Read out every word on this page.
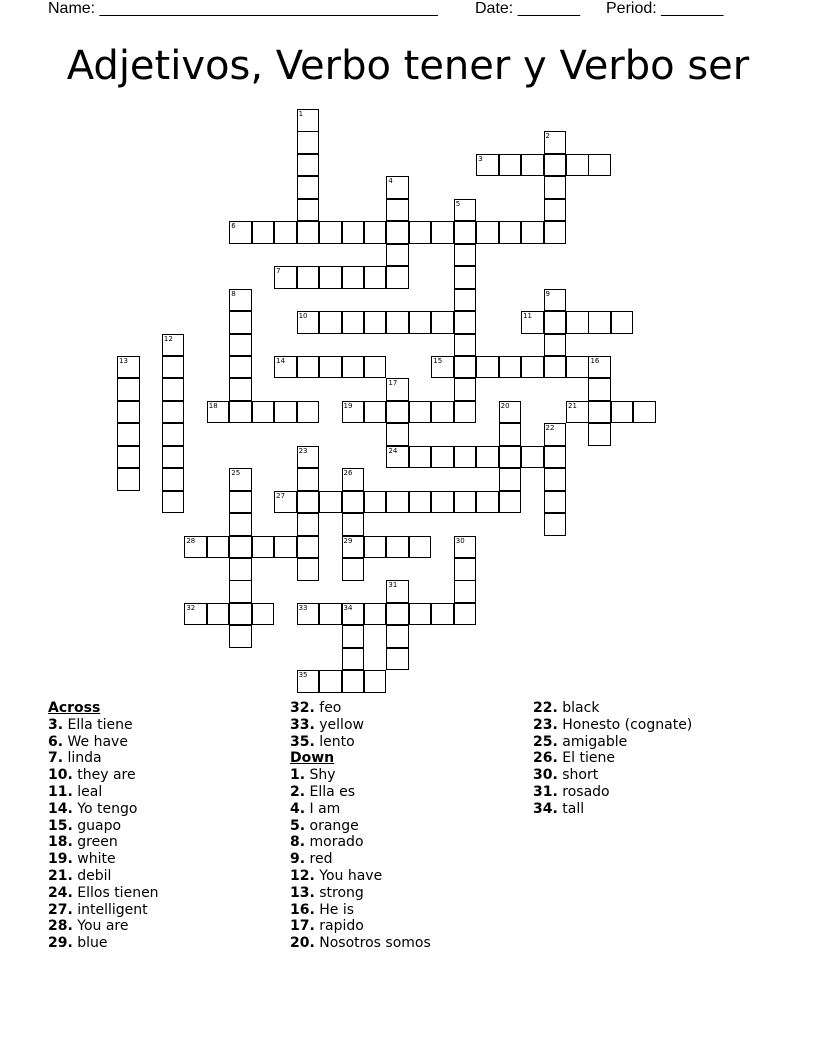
Name: ______________________________________ Date: _______ Period: _______
Adjetivos, Verbo tener y Verbo ser
1
2
3
4
5
6
7
8	9
10	11
12
13	14	15	16
17
18	19	20	21
22
23	24
25	26
29
27
28	30
31
32	33	34
35
Across
3. Ella tiene
6. We have
7. linda
10. they are
11. leal
14. Yo tengo
15. guapo
18. green
19. white
21. debil
24. Ellos tienen
27. intelligent
28. You are
29. blue
32. feo
33. yellow
35. lento
Down
1. Shy
2. Ella es
4. I am
5. orange
8. morado
9. red
12. You have
13. strong
16. He is
17. rapido
20. Nosotros somos
22. black
23. Honesto (cognate)
25. amigable
26. El tiene
30. short
31. rosado
34. tall
